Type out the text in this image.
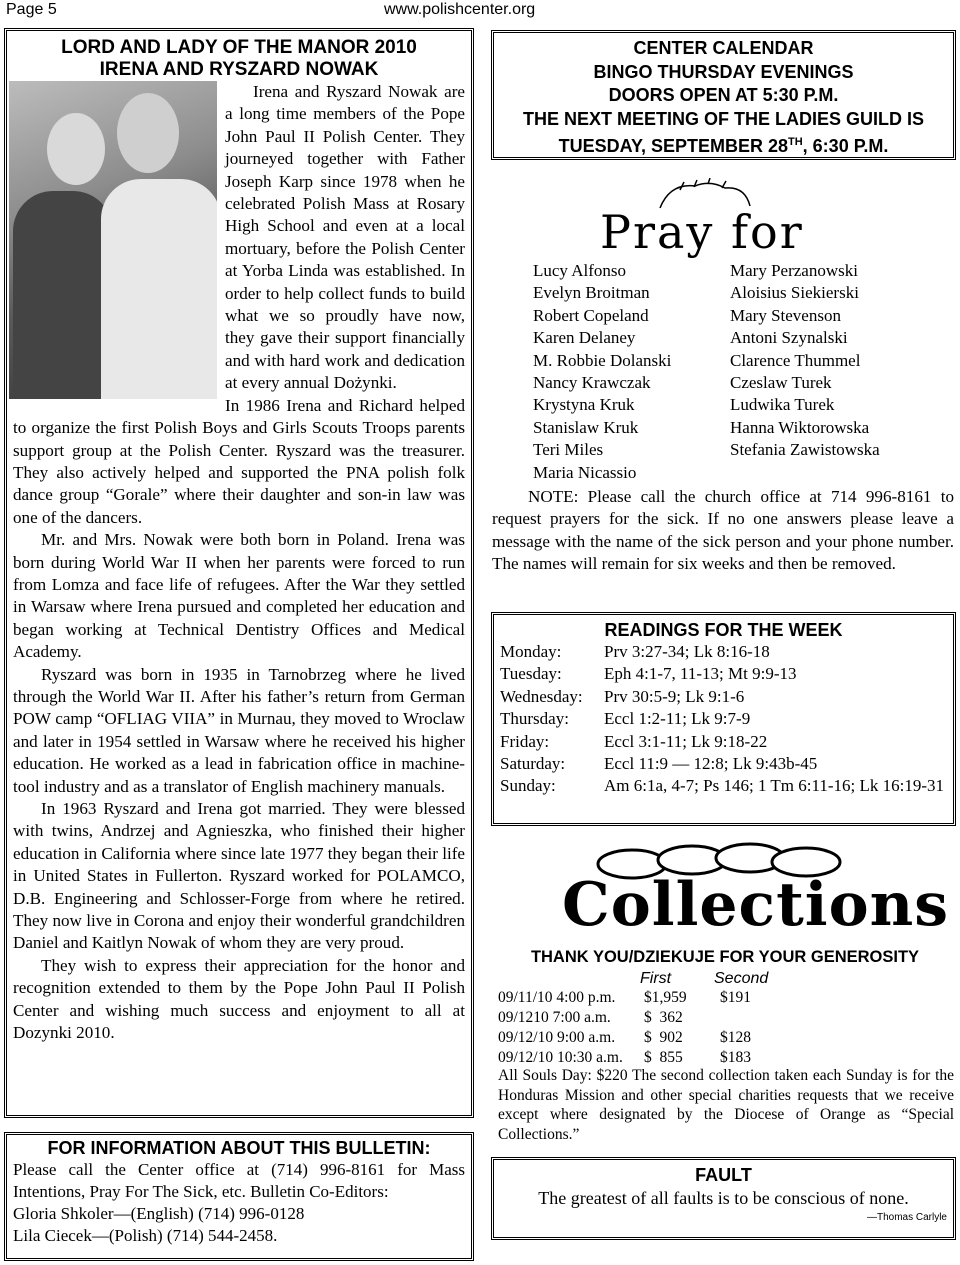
Page 5	www.polishcenter.org
LORD AND LADY OF THE MANOR 2010
IRENA AND RYSZARD NOWAK

Irena and Ryszard Nowak are a long time members of the Pope John Paul II Polish Center. They journeyed together with Father Joseph Karp since 1978 when he celebrated Polish Mass at Rosary High School and even at a local mortuary, before the Polish Center at Yorba Linda was established. In order to help collect funds to build what we so proudly have now, they gave their support financially and with hard work and dedication at every annual Dożynki.

In 1986 Irena and Richard helped to organize the first Polish Boys and Girls Scouts Troops parents support group at the Polish Center. Ryszard was the treasurer. They also actively helped and supported the PNA polish folk dance group “Gorale” where their daughter and son-in law was one of the dancers.

Mr. and Mrs. Nowak were both born in Poland. Irena was born during World War II when her parents were forced to run from Lomza and face life of refugees. After the War they settled in Warsaw where Irena pursued and completed her education and began working at Technical Dentistry Offices and Medical Academy.

Ryszard was born in 1935 in Tarnobrzeg where he lived through the World War II. After his father’s return from German POW camp “OFLIAG VIIA” in Murnau, they moved to Wroclaw and later in 1954 settled in Warsaw where he received his higher education. He worked as a lead in fabrication office in machine-tool industry and as a translator of English machinery manuals.

In 1963 Ryszard and Irena got married. They were blessed with twins, Andrzej and Agnieszka, who finished their higher education in California where since late 1977 they began their life in United States in Fullerton. Ryszard worked for POLAMCO, D.B. Engineering and Schlosser-Forge from where he retired. They now live in Corona and enjoy their wonderful grandchildren Daniel and Kaitlyn Nowak of whom they are very proud.

They wish to express their appreciation for the honor and recognition extended to them by the Pope John Paul II Polish Center and wishing much success and enjoyment to all at Dozynki 2010.

FOR INFORMATION ABOUT THIS BULLETIN:
Please call the Center office at (714) 996-8161 for Mass Intentions, Pray For The Sick, etc. Bulletin Co-Editors:
Gloria Shkoler—(English) (714) 996-0128
Lila Ciecek—(Polish) (714) 544-2458.
CENTER CALENDAR
BINGO THURSDAY EVENINGS
DOORS OPEN AT 5:30 P.M.
THE NEXT MEETING OF THE LADIES GUILD IS
TUESDAY, SEPTEMBER 28TH, 6:30 P.M.
Pray for
Lucy Alfonso
Evelyn Broitman
Robert Copeland
Karen Delaney
M. Robbie Dolanski
Nancy Krawczak
Krystyna Kruk
Stanislaw Kruk
Teri Miles
Maria Nicassio
Mary Perzanowski
Aloisius Siekierski
Mary Stevenson
Antoni Szynalski
Clarence Thummel
Czeslaw Turek
Ludwika Turek
Hanna Wiktorowska
Stefania Zawistowska
NOTE: Please call the church office at 714 996-8161 to request prayers for the sick. If no one answers please leave a message with the name of the sick person and your phone number. The names will remain for six weeks and then be removed.
READINGS FOR THE WEEK
Monday:	Prv 3:27-34; Lk 8:16-18
Tuesday:	Eph 4:1-7, 11-13; Mt 9:9-13
Wednesday:	Prv 30:5-9; Lk 9:1-6
Thursday:	Eccl 1:2-11; Lk 9:7-9
Friday:	Eccl 3:1-11; Lk 9:18-22
Saturday:	Eccl 11:9 — 12:8; Lk 9:43b-45
Sunday:	Am 6:1a, 4-7; Ps 146; 1 Tm 6:11-16; Lk 16:19-31
Collections
THANK YOU/DZIEKUJE FOR YOUR GENEROSITY
First	Second
09/11/10 4:00 p.m. $1,959 $191
09/1210 7:00 a.m. $  362
09/12/10 9:00 a.m. $  902 $128
09/12/10 10:30 a.m. $  855 $183
All Souls Day: $220 The second collection taken each Sunday is for the Honduras Mission and other special charities requests that we receive except where designated by the Diocese of Orange as “Special Collections.”
FAULT
The greatest of all faults is to be conscious of none.
—Thomas Carlyle
